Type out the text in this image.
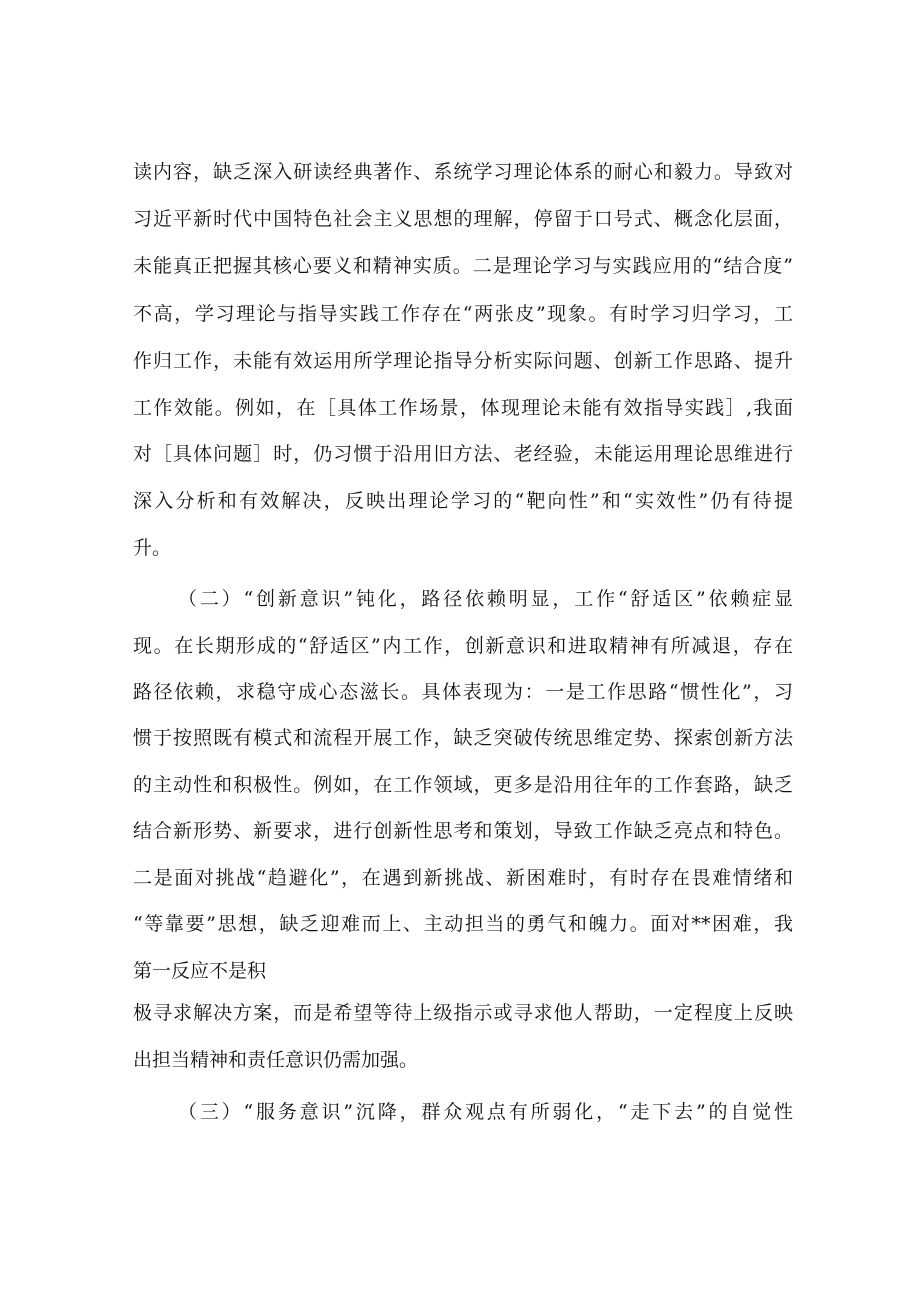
读内容，缺乏深入研读经典著作、系统学习理论体系的耐心和毅力。导致对
习近平新时代中国特色社会主义思想的理解，停留于口号式、概念化层面，
未能真正把握其核心要义和精神实质。二是理论学习与实践应用的“结合度”
不高，学习理论与指导实践工作存在“两张皮”现象。有时学习归学习，工
作归工作，未能有效运用所学理论指导分析实际问题、创新工作思路、提升
工作效能。例如，在［具体工作场景，体现理论未能有效指导实践］,我面
对［具体问题］时，仍习惯于沿用旧方法、老经验，未能运用理论思维进行
深入分析和有效解决，反映出理论学习的“靶向性”和“实效性”仍有待提
升。
（二）“创新意识”钝化，路径依赖明显，工作“舒适区”依赖症显
现。在长期形成的“舒适区”内工作，创新意识和进取精神有所减退，存在
路径依赖，求稳守成心态滋长。具体表现为：一是工作思路“惯性化”，习
惯于按照既有模式和流程开展工作，缺乏突破传统思维定势、探索创新方法
的主动性和积极性。例如，在工作领域，更多是沿用往年的工作套路，缺乏
结合新形势、新要求，进行创新性思考和策划，导致工作缺乏亮点和特色。
二是面对挑战“趋避化”，在遇到新挑战、新困难时，有时存在畏难情绪和
“等靠要”思想，缺乏迎难而上、主动担当的勇气和魄力。面对**困难，我
第一反应不是积
极寻求解决方案，而是希望等待上级指示或寻求他人帮助，一定程度上反映
出担当精神和责任意识仍需加强。
（三）“服务意识”沉降，群众观点有所弱化，“走下去”的自觉性
